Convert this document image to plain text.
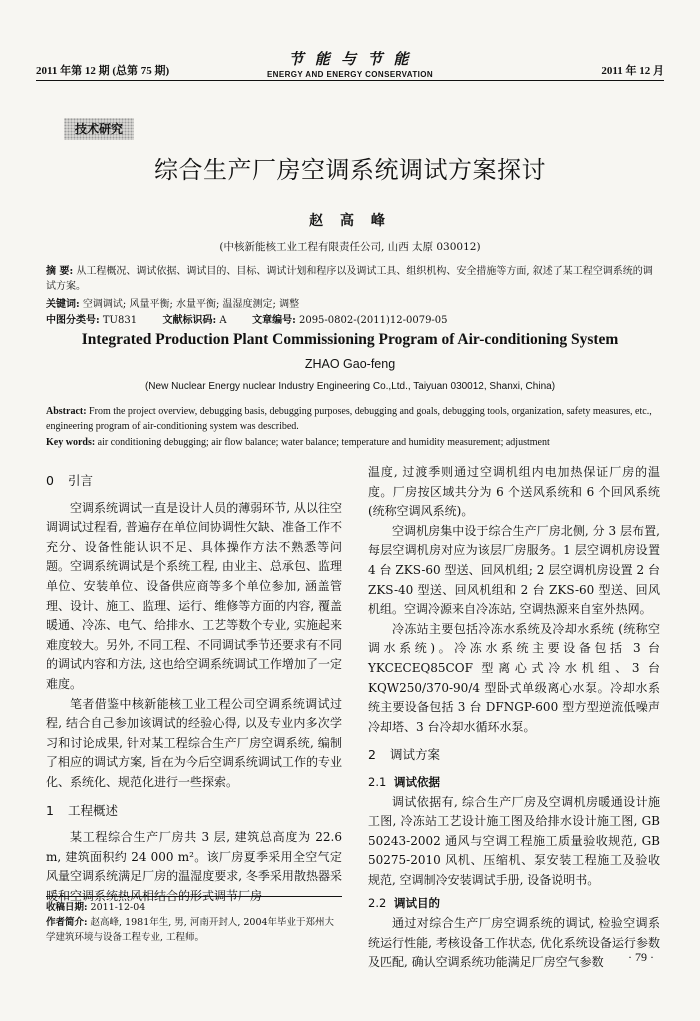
2011 年第 12 期 (总第 75 期)
节 能 与 节 能
ENERGY AND ENERGY CONSERVATION	2011 年 12 月
技术研究
综合生产厂房空调系统调试方案探讨
赵 高 峰
(中核新能核工业工程有限责任公司, 山西 太原 030012)
摘 要: 从工程概况、调试依据、调试目的、目标、调试计划和程序以及调试工具、组织机构、安全措施等方面, 叙述了某工程空调系统的调试方案。
关键词: 空调调试; 风量平衡; 水量平衡; 温湿度测定; 调整
中图分类号: TU831	文献标识码: A	文章编号: 2095-0802-(2011)12-0079-05
Integrated Production Plant Commissioning Program of Air-conditioning System
ZHAO Gao-feng
(New Nuclear Energy nuclear Industry Engineering Co.,Ltd., Taiyuan 030012, Shanxi, China)
Abstract: From the project overview, debugging basis, debugging purposes, debugging and goals, debugging tools, organization, safety measures, etc., engineering program of air-conditioning system was described.
Key words: air conditioning debugging; air flow balance; water balance; temperature and humidity measurement; adjustment
0 引言

空调系统调试一直是设计人员的薄弱环节, 从以往空调调试过程看, 普遍存在单位间协调性欠缺、准备工作不充分、设备性能认识不足、具体操作方法不熟悉等问题。空调系统调试是个系统工程, 由业主、总承包、监理单位、安装单位、设备供应商等多个单位参加, 涵盖管理、设计、施工、监理、运行、维修等方面的内容, 覆盖暖通、冷冻、电气、给排水、工艺等数个专业, 实施起来难度较大。另外, 不同工程、不同调试季节还要求有不同的调试内容和方法, 这也给空调系统调试工作增加了一定难度。

笔者借鉴中核新能核工业工程公司空调系统调试过程, 结合自己参加该调试的经验心得, 以及专业内多次学习和讨论成果, 针对某工程综合生产厂房空调系统, 编制了相应的调试方案, 旨在为今后空调系统调试工作的专业化、系统化、规范化进行一些探索。

1 工程概述

某工程综合生产厂房共 3 层, 建筑总高度为 22.6 m, 建筑面积约 24 000 m²。该厂房夏季采用全空气定风量空调系统满足厂房的温湿度要求, 冬季采用散热器采暖和空调系统热风相结合的形式调节厂房

收稿日期: 2011-12-04
作者简介: 赵高峰, 1981年生, 男, 河南开封人, 2004年毕业于郑州大学建筑环境与设备工程专业, 工程师。

温度, 过渡季则通过空调机组内电加热保证厂房的温度。厂房按区域共分为 6 个送风系统和 6 个回风系统 (统称空调风系统)。

空调机房集中设于综合生产厂房北侧, 分 3 层布置, 每层空调机房对应为该层厂房服务。1 层空调机房设置 4 台 ZKS-60 型送、回风机组; 2 层空调机房设置 2 台 ZKS-40 型送、回风机组和 2 台 ZKS-60 型送、回风机组。空调冷源来自冷冻站, 空调热源来自室外热网。

冷冻站主要包括冷冻水系统及冷却水系统 (统称空调水系统)。冷冻水系统主要设备包括 3 台 YKCECEQ85COF 型离心式冷水机组、3 台 KQW250/370-90/4 型卧式单级离心水泵。冷却水系统主要设备包括 3 台 DFNGP-600 型方型逆流低噪声冷却塔、3 台冷却水循环水泵。

2 调试方案
2.1 调试依据

调试依据有, 综合生产厂房及空调机房暖通设计施工图, 冷冻站工艺设计施工图及给排水设计施工图, GB 50243-2002 通风与空调工程施工质量验收规范, GB 50275-2010 风机、压缩机、泵安装工程施工及验收规范, 空调制冷安装调试手册, 设备说明书。

2.2 调试目的

通过对综合生产厂房空调系统的调试, 检验空调系统运行性能, 考核设备工作状态, 优化系统设备运行参数及匹配, 确认空调系统功能满足厂房空气参数	· 79 ·
